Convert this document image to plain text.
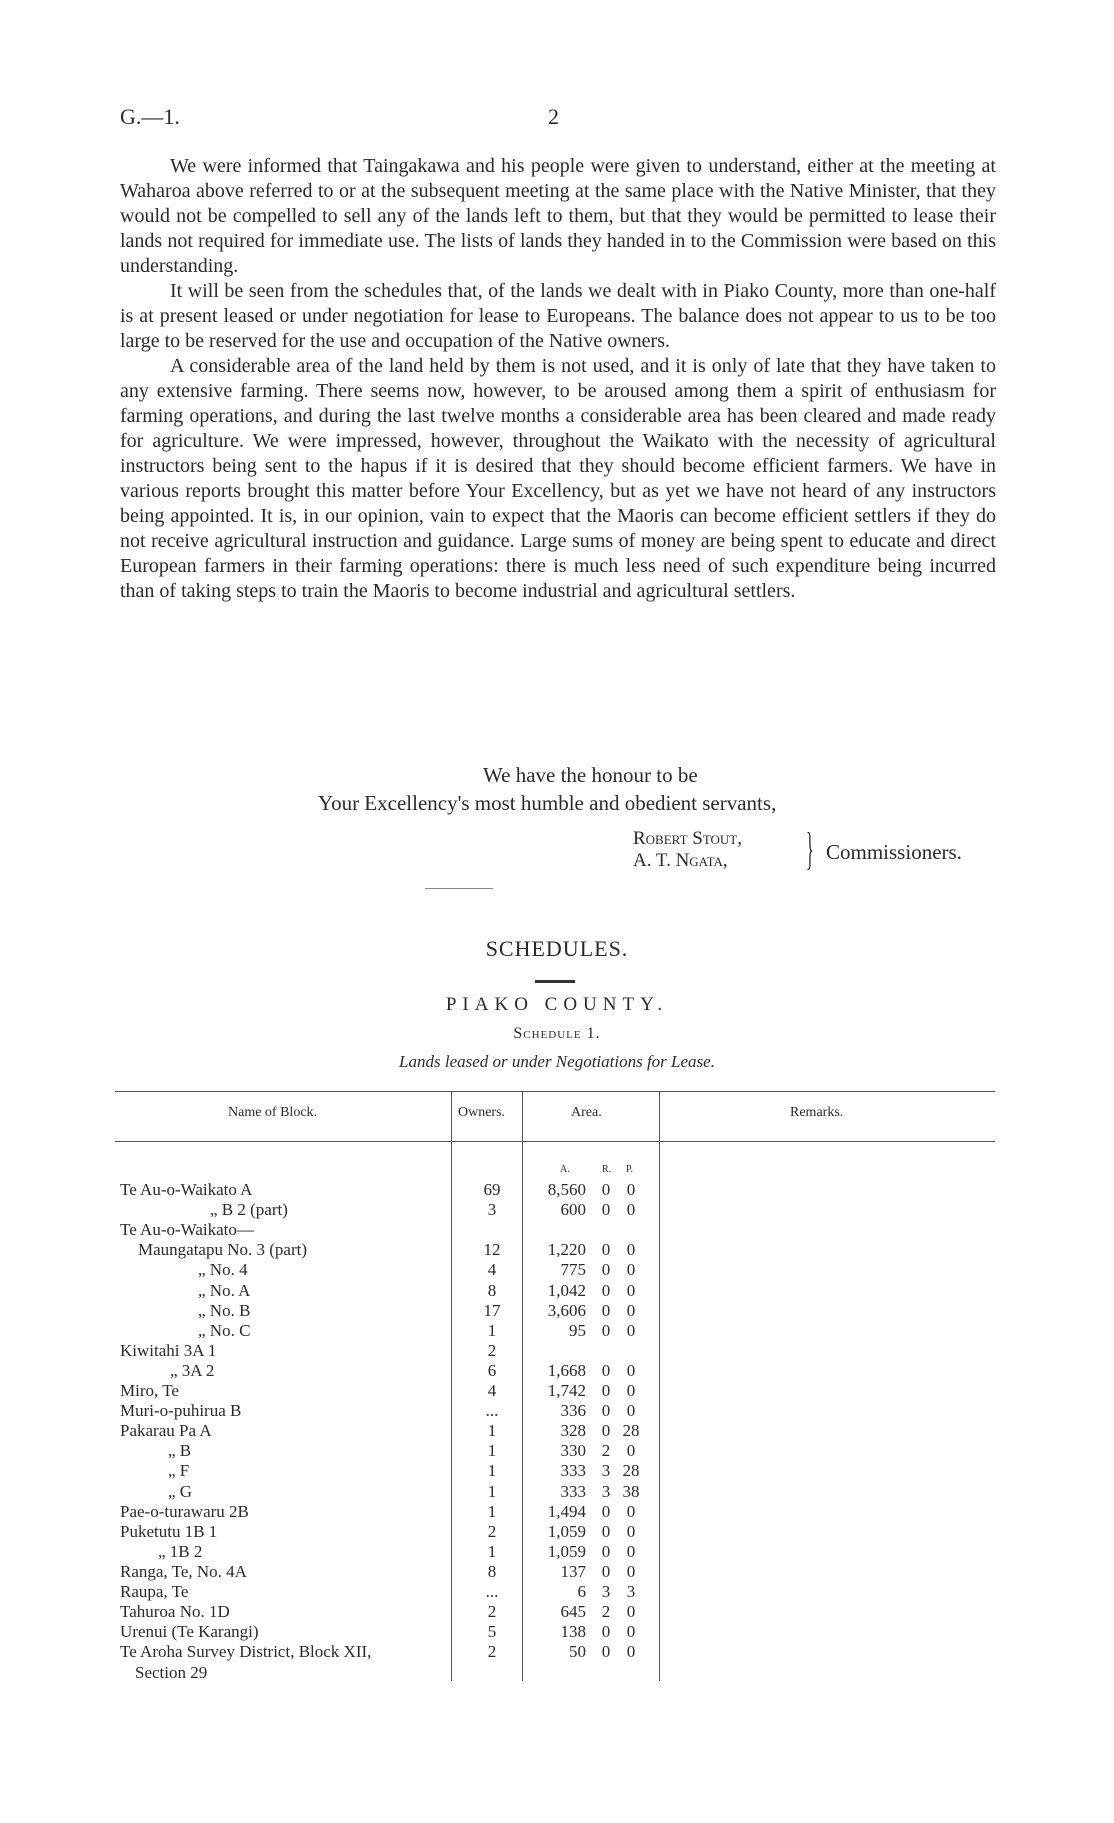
G.—1.	2

We were informed that Taingakawa and his people were given to understand, either at the meeting at Waharoa above referred to or at the subsequent meeting at the same place with the Native Minister, that they would not be compelled to sell any of the lands left to them, but that they would be permitted to lease their lands not required for immediate use. The lists of lands they handed in to the Commission were based on this understanding.

It will be seen from the schedules that, of the lands we dealt with in Piako County, more than one-half is at present leased or under negotiation for lease to Europeans. The balance does not appear to us to be too large to be reserved for the use and occupation of the Native owners.

A considerable area of the land held by them is not used, and it is only of late that they have taken to any extensive farming. There seems now, however, to be aroused among them a spirit of enthusiasm for farming operations, and during the last twelve months a considerable area has been cleared and made ready for agriculture. We were impressed, however, throughout the Waikato with the necessity of agricultural instructors being sent to the hapus if it is desired that they should become efficient farmers. We have in various reports brought this matter before Your Excellency, but as yet we have not heard of any instructors being appointed. It is, in our opinion, vain to expect that the Maoris can become efficient settlers if they do not receive agricultural instruction and guidance. Large sums of money are being spent to educate and direct European farmers in their farming operations: there is much less need of such expenditure being incurred than of taking steps to train the Maoris to become industrial and agricultural settlers.

We have the honour to be
Your Excellency's most humble and obedient servants,
Robert Stout,
A. T. Ngata, } Commissioners.
SCHEDULES.
PIAKO COUNTY.
Schedule 1.
Lands leased or under Negotiations for Lease.
Name of Block.	Owners.	Area.	Remarks.
A.	R. P.
Te Au-o-Waikato A	69	8,560 0 0
„ B 2 (part)	3	600 0 0
Te Au-o-Waikato—
Maungatapu No. 3 (part)	12	1,220 0 0
„ No. 4	4	775 0 0
„ No. A	8	1,042 0 0
„ No. B	17	3,606 0 0
„ No. C	1	95 0 0
Kiwitahi 3A 1	2
„ 3A 2	6	1,668 0 0
Miro, Te	4	1,742 0 0
Muri-o-puhirua B	...	336 0 0
Pakarau Pa A	1	328 0 28
„ B	1	330 2 0
„ F	1	333 3 28
„ G	1	333 3 38
Pae-o-turawaru 2B	1	1,494 0 0
Puketutu 1B 1	2	1,059 0 0
„ 1B 2	1	1,059 0 0
Ranga, Te, No. 4A	8	137 0 0
Raupa, Te	...	6 3 3
Tahuroa No. 1D	2	645 2 0
Urenui (Te Karangi)	5	138 0 0
Te Aroha Survey District, Block XII,	2	50 0 0
Section 29
